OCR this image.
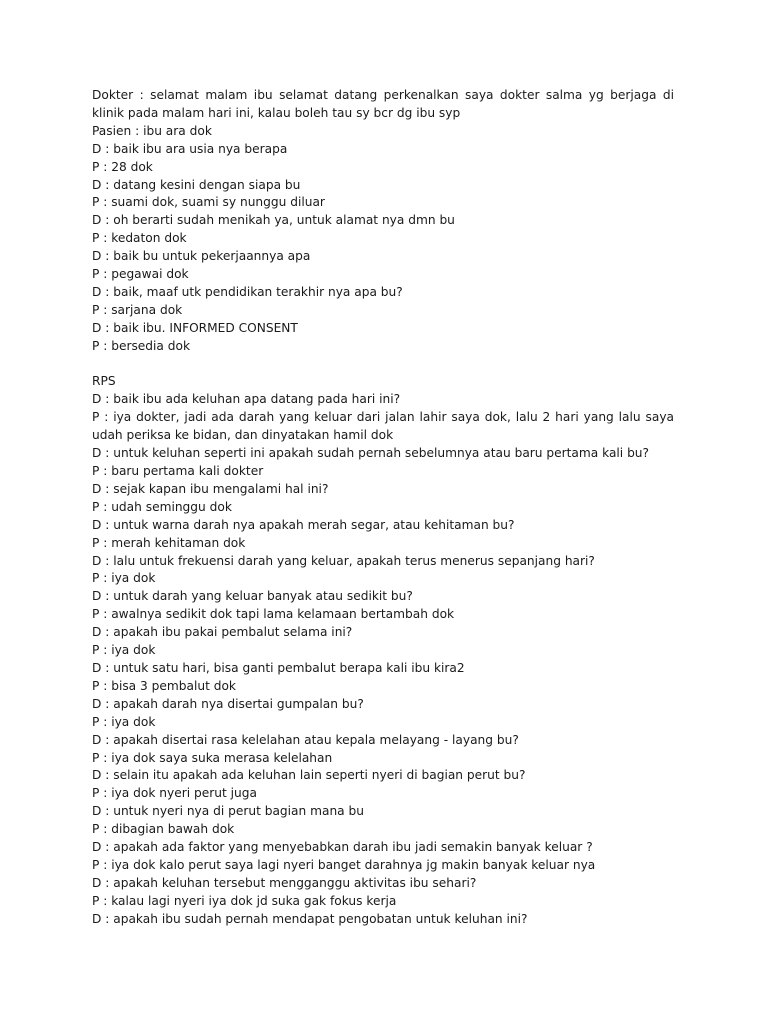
Dokter : selamat malam ibu selamat datang perkenalkan saya dokter salma yg berjaga di

klinik pada malam hari ini, kalau boleh tau sy bcr dg ibu syp

Pasien : ibu ara dok

D : baik ibu ara usia nya berapa

P : 28 dok

D : datang kesini dengan siapa bu

P : suami dok, suami sy nunggu diluar

D : oh berarti sudah menikah ya, untuk alamat nya dmn bu

P : kedaton dok

D : baik bu untuk pekerjaannya apa

P : pegawai dok

D : baik, maaf utk pendidikan terakhir nya apa bu?

P : sarjana dok

D : baik ibu. INFORMED CONSENT

P : bersedia dok

RPS

D : baik ibu ada keluhan apa datang pada hari ini?

P : iya dokter, jadi ada darah yang keluar dari jalan lahir saya dok, lalu 2 hari yang lalu saya

udah periksa ke bidan, dan dinyatakan hamil dok

D : untuk keluhan seperti ini apakah sudah pernah sebelumnya atau baru pertama kali bu?

P : baru pertama kali dokter

D : sejak kapan ibu mengalami hal ini?

P : udah seminggu dok

D : untuk warna darah nya apakah merah segar, atau kehitaman bu?

P : merah kehitaman dok

D : lalu untuk frekuensi darah yang keluar, apakah terus menerus sepanjang hari?

P : iya dok

D : untuk darah yang keluar banyak atau sedikit bu?

P : awalnya sedikit dok tapi lama kelamaan bertambah dok

D : apakah ibu pakai pembalut selama ini?

P : iya dok

D : untuk satu hari, bisa ganti pembalut berapa kali ibu kira2

P : bisa 3 pembalut dok

D : apakah darah nya disertai gumpalan bu?

P : iya dok

D : apakah disertai rasa kelelahan atau kepala melayang - layang bu?

P : iya dok saya suka merasa kelelahan

D : selain itu apakah ada keluhan lain seperti nyeri di bagian perut bu?

P : iya dok nyeri perut juga

D : untuk nyeri nya di perut bagian mana bu

P : dibagian bawah dok

D : apakah ada faktor yang menyebabkan darah ibu jadi semakin banyak keluar ?

P : iya dok kalo perut saya lagi nyeri banget darahnya jg makin banyak keluar nya

D : apakah keluhan tersebut mengganggu aktivitas ibu sehari?

P : kalau lagi nyeri iya dok jd suka gak fokus kerja

D : apakah ibu sudah pernah mendapat pengobatan untuk keluhan ini?
